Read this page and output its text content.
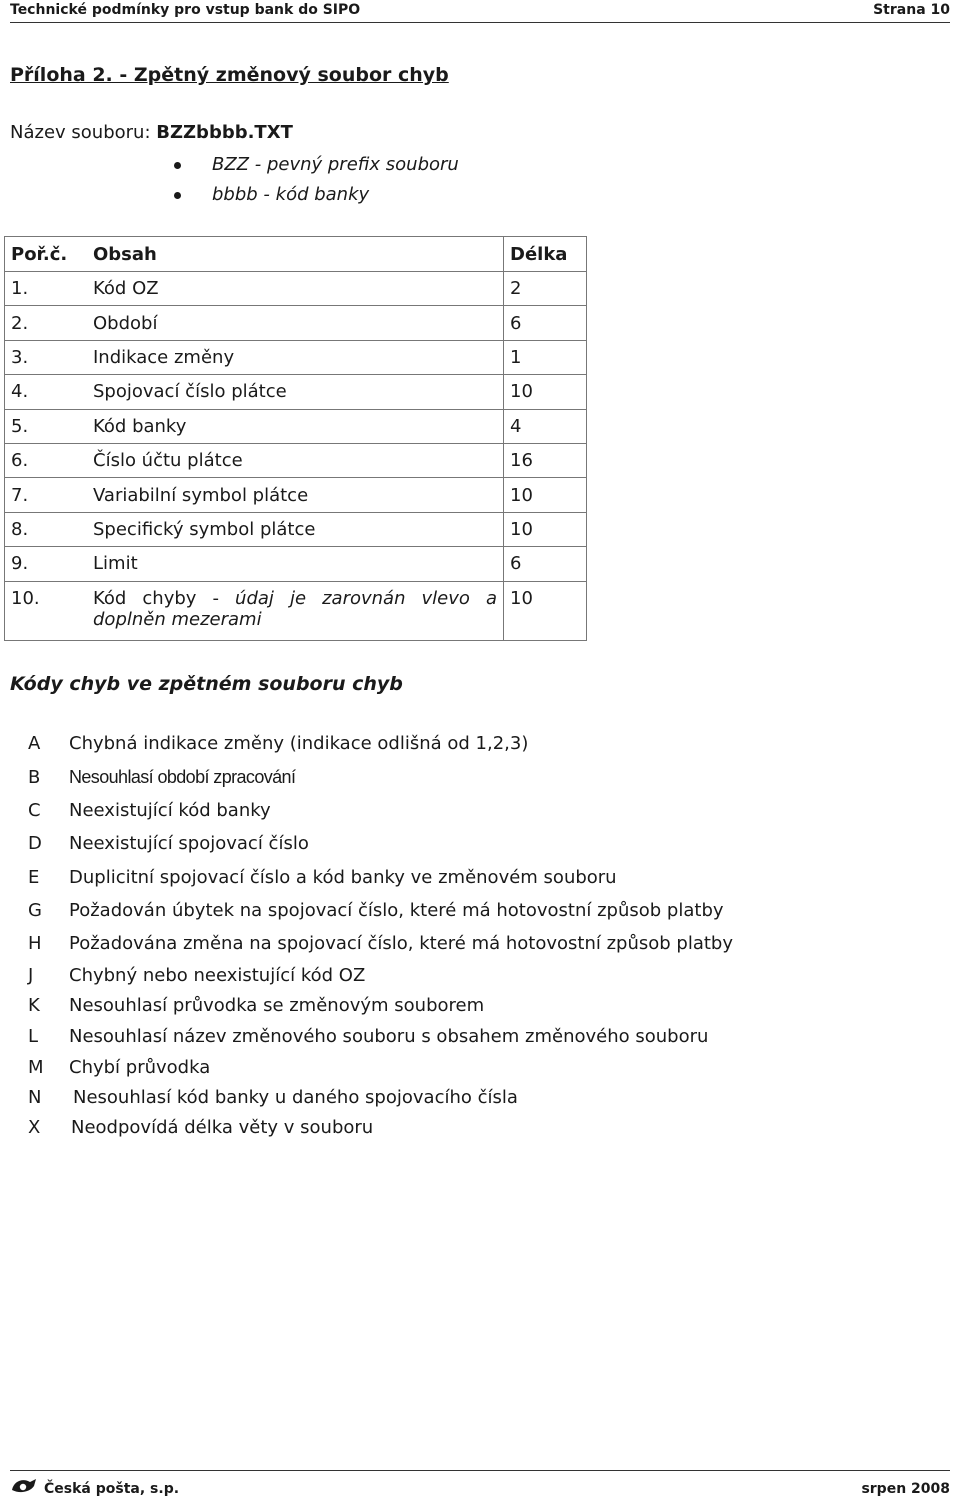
Technické podmínky pro vstup bank do SIPO	Strana 10
Příloha 2. - Zpětný změnový soubor chyb
Název souboru: BZZbbbb.TXT
BZZ - pevný prefix souboru
bbbb - kód banky
Poř.č.	Obsah	Délka
1.	Kód OZ	2
2.	Období	6
3.	Indikace změny	1
4.	Spojovací číslo plátce	10
5.	Kód banky	4
6.	Číslo účtu plátce	16
7.	Variabilní symbol plátce	10
8.	Specifický symbol plátce	10
9.	Limit	6
10.	Kód chyby - údaj je zarovnán vlevo a doplněn mezerami	10
Kódy chyb ve zpětném souboru chyb
A	Chybná indikace změny (indikace odlišná od 1,2,3)
B	Nesouhlasí období zpracování
C	Neexistující kód banky
D	Neexistující spojovací číslo
E	Duplicitní spojovací číslo a kód banky ve změnovém souboru
G	Požadován úbytek na spojovací číslo, které má hotovostní způsob platby
H	Požadována změna na spojovací číslo, které má hotovostní způsob platby
J	Chybný nebo neexistující kód OZ
K	Nesouhlasí průvodka se změnovým souborem
L	Nesouhlasí název změnového souboru s obsahem změnového souboru
M	Chybí průvodka
N	Nesouhlasí kód banky u daného spojovacího čísla
X	Neodpovídá délka věty v souboru
Česká pošta, s.p.	srpen 2008
